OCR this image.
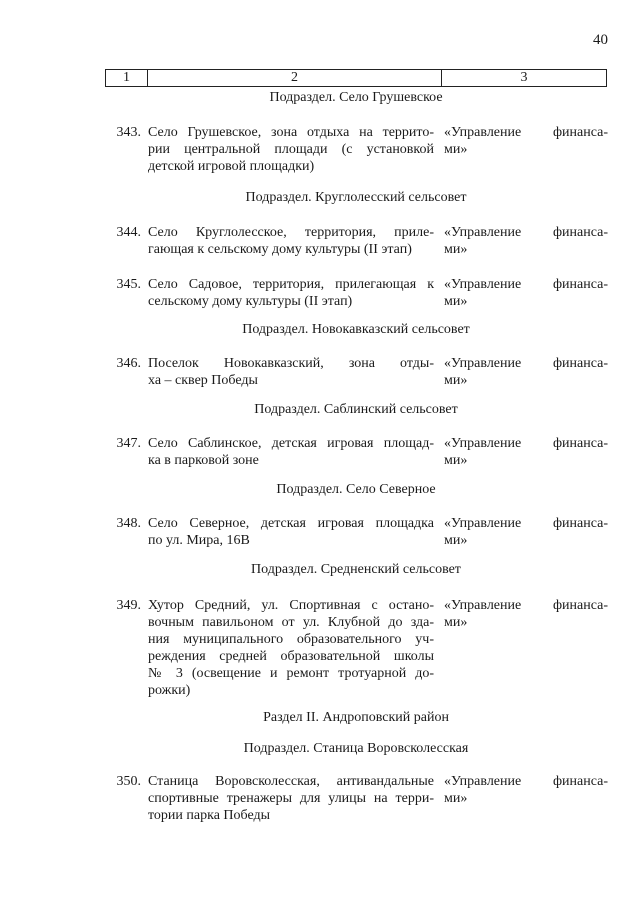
40
1	2	3
Подраздел. Село Грушевское
Подраздел. Круглолесский сельсовет
Подраздел. Новокавказский сельсовет
Подраздел. Саблинский сельсовет
Подраздел. Село Северное
Подраздел. Средненский сельсовет
Раздел II. Андроповский район
Подраздел. Станица Воровсколесская
343. Село Грушевское, зона отдыха на террито-
рии центральной площади (с установкой
детской игровой площадки)
«Управление финанса-
ми»
344. Село Круглолесское, территория, приле-
гающая к сельскому дому культуры (II этап)
«Управление финанса-
ми»
345. Село Садовое, территория, прилегающая к
сельскому дому культуры (II этап)
«Управление финанса-
ми»
346. Поселок Новокавказский, зона отды-
ха – сквер Победы
«Управление финанса-
ми»
347. Село Саблинское, детская игровая площад-
ка в парковой зоне
«Управление финанса-
ми»
348. Село Северное, детская игровая площадка
по ул. Мира, 16В
«Управление финанса-
ми»
349. Хутор Средний, ул. Спортивная с остано-
вочным павильоном от ул. Клубной до зда-
ния муниципального образовательного уч-
реждения средней образовательной школы
№ 3 (освещение и ремонт тротуарной до-
рожки)
«Управление финанса-
ми»
350. Станица Воровсколесская, антивандальные
спортивные тренажеры для улицы на терри-
тории парка Победы
«Управление финанса-
ми»
